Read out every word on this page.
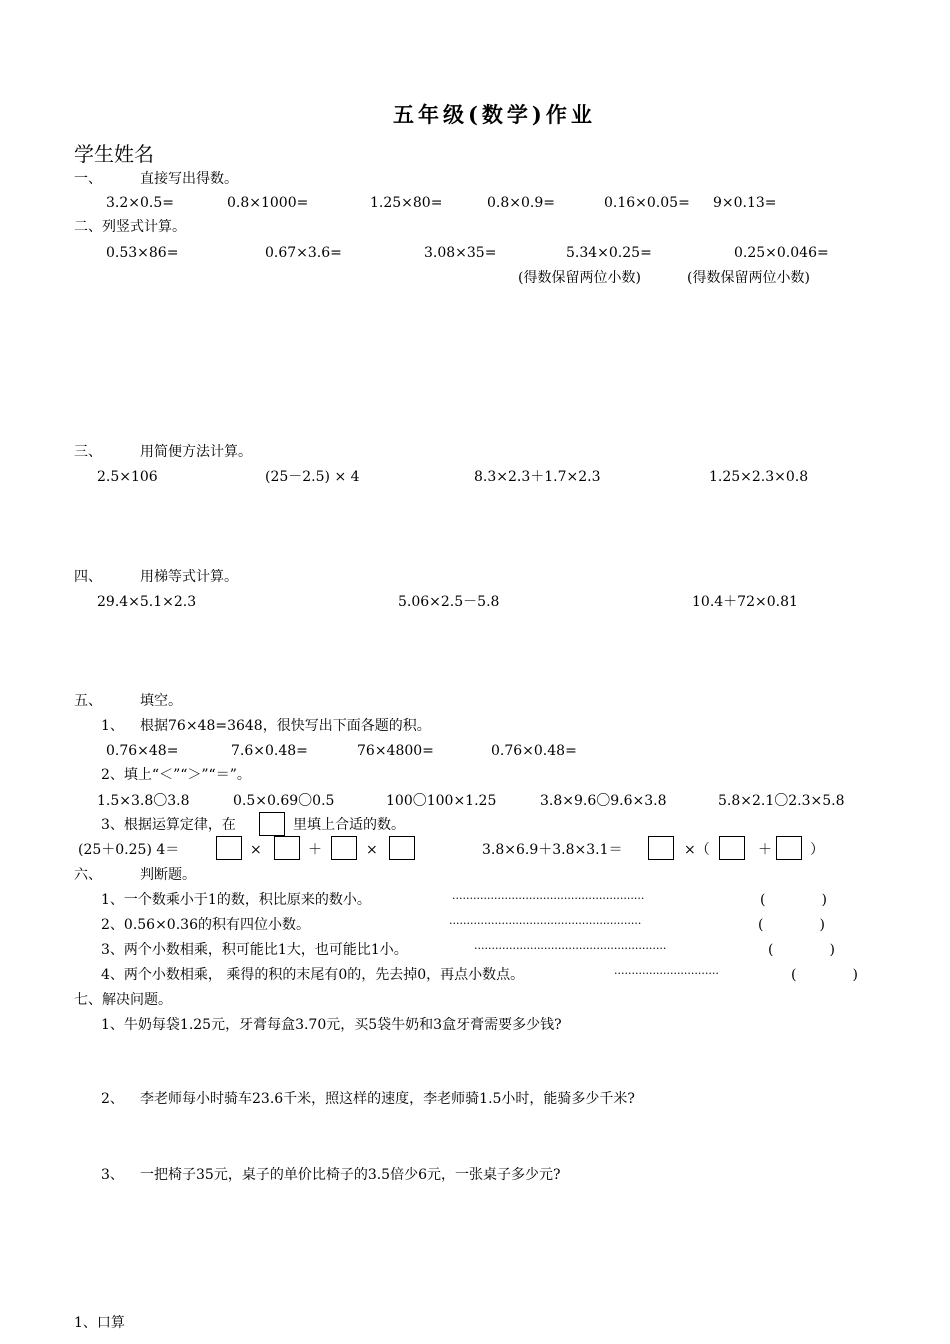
五年级(数学)作业
学生姓名
一、	直接写出得数。
3.2×0.5=	0.8×1000=	1.25×80=	0.8×0.9=	0.16×0.05= 9×0.13=
二、列竖式计算。
0.53×86=	0.67×3.6=	3.08×35=	5.34×0.25=	0.25×0.046=
(得数保留两位小数)	(得数保留两位小数)
三、	用简便方法计算。
2.5×106	(25－2.5) × 4	8.3×2.3＋1.7×2.3	1.25×2.3×0.8
四、	用梯等式计算。
29.4×5.1×2.3	5.06×2.5－5.8	10.4＋72×0.81
五、	填空。
1、 根据76×48=3648，很快写出下面各题的积。
0.76×48=	7.6×0.48=	76×4800=	0.76×0.48=
2、填上“＜”“＞”“＝”。
1.5×3.8〇3.8	0.5×0.69〇0.5	100〇100×1.25	3.8×9.6〇9.6×3.8	5.8×2.1〇2.3×5.8
3、根据运算定律，在	里填上合适的数。
(25＋0.25) 4＝	×	＋	×	3.8×6.9＋3.8×3.1＝	×（	＋	）
六、	判断题。
1、一个数乘小于1的数，积比原来的数小。	·······················································	(　　　　)
2、0.56×0.36的积有四位小数。	·······················································	(　　　　)
3、两个小数相乘，积可能比1大，也可能比1小。	·······················································	(　　　　)
4、两个小数相乘， 乘得的积的末尾有0的，先去掉0，再点小数点。	······························	(　　　　)
七、解决问题。
1、牛奶每袋1.25元，牙膏每盒3.70元，买5袋牛奶和3盒牙膏需要多少钱?
2、 李老师每小时骑车23.6千米，照这样的速度，李老师骑1.5小时，能骑多少千米?
3、 一把椅子35元，桌子的单价比椅子的3.5倍少6元，一张桌子多少元?
1、口算
